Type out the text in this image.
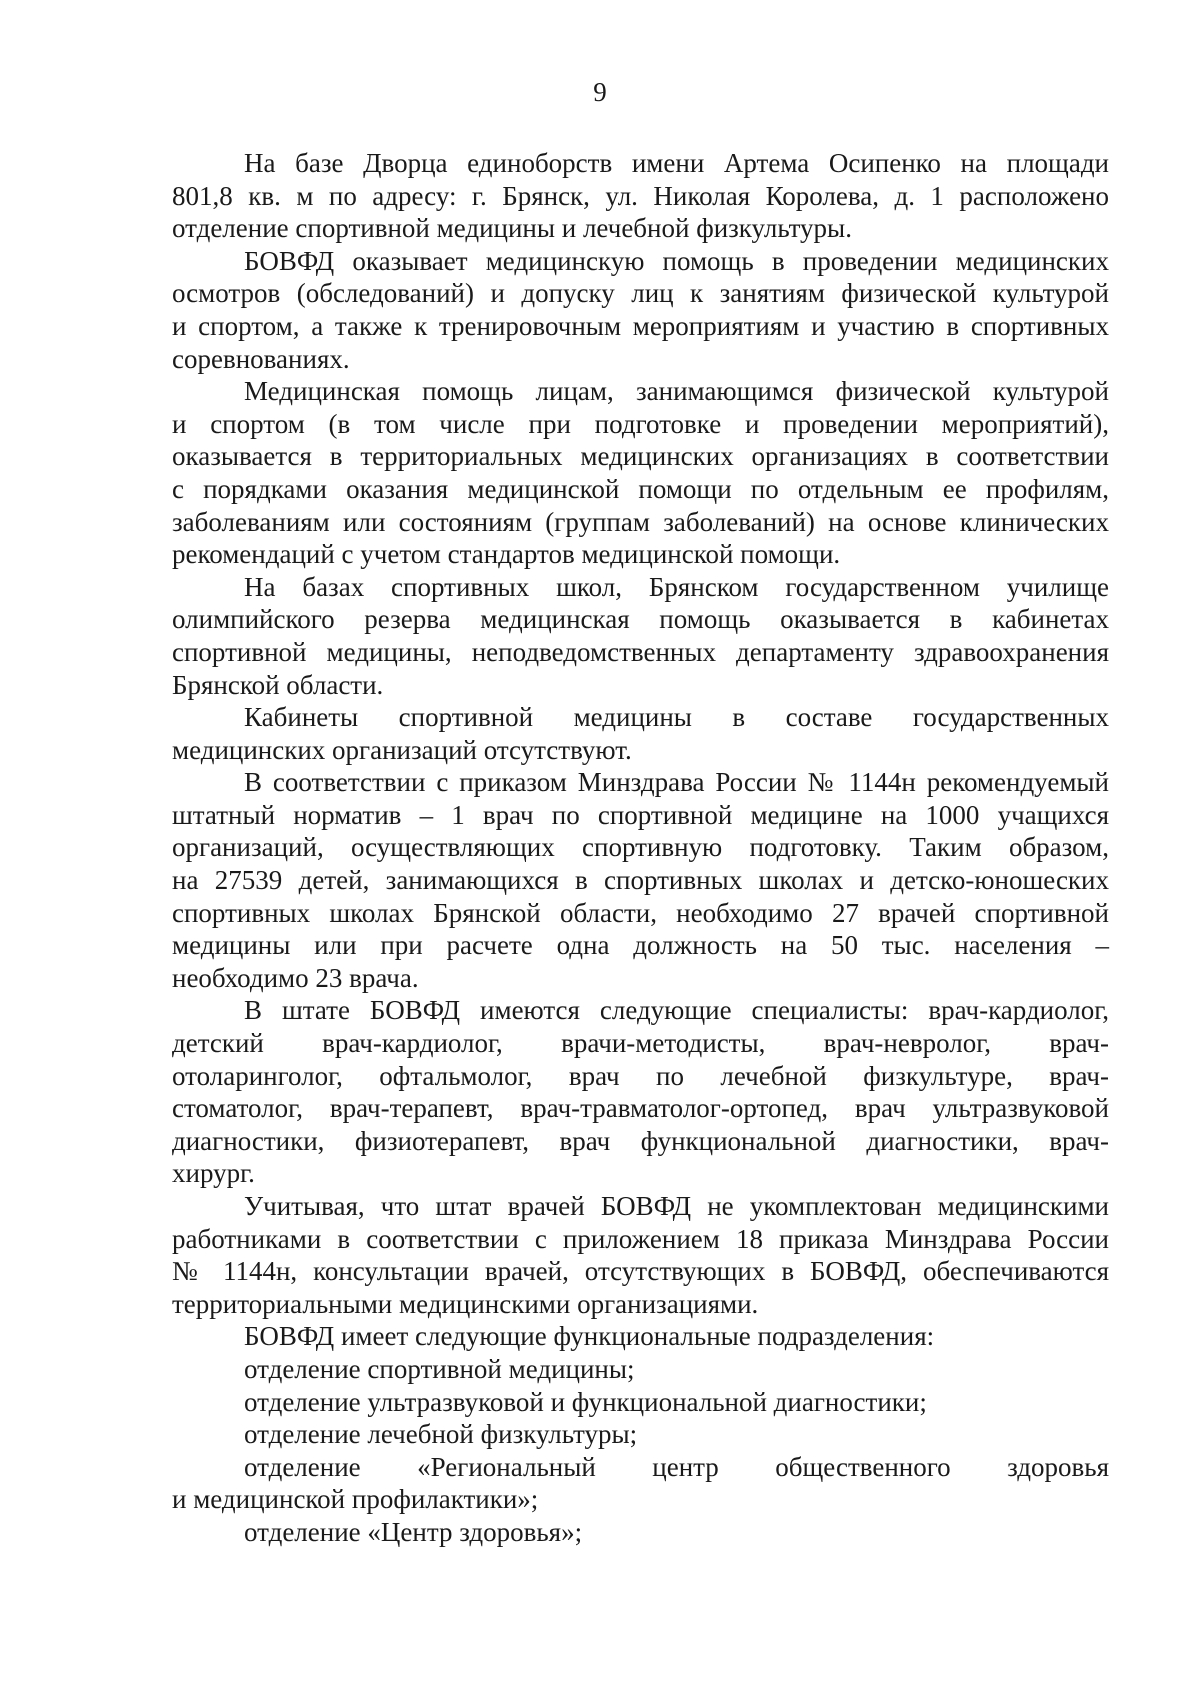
9
На базе Дворца единоборств имени Артема Осипенко на площади
801,8 кв. м по адресу: г. Брянск, ул. Николая Королева, д. 1 расположено
отделение спортивной медицины и лечебной физкультуры.
БОВФД оказывает медицинскую помощь в проведении медицинских
осмотров (обследований) и допуску лиц к занятиям физической культурой
и спортом, а также к тренировочным мероприятиям и участию в спортивных
соревнованиях.
Медицинская помощь лицам, занимающимся физической культурой
и спортом (в том числе при подготовке и проведении мероприятий),
оказывается в территориальных медицинских организациях в соответствии
с порядками оказания медицинской помощи по отдельным ее профилям,
заболеваниям или состояниям (группам заболеваний) на основе клинических
рекомендаций с учетом стандартов медицинской помощи.
На базах спортивных школ, Брянском государственном училище
олимпийского резерва медицинская помощь оказывается в кабинетах
спортивной медицины, неподведомственных департаменту здравоохранения
Брянской области.
Кабинеты спортивной медицины в составе государственных
медицинских организаций отсутствуют.
В соответствии с приказом Минздрава России № 1144н рекомендуемый
штатный норматив – 1 врач по спортивной медицине на 1000 учащихся
организаций, осуществляющих спортивную подготовку. Таким образом,
на 27539 детей, занимающихся в спортивных школах и детско-юношеских
спортивных школах Брянской области, необходимо 27 врачей спортивной
медицины или при расчете одна должность на 50 тыс. населения –
необходимо 23 врача.
В штате БОВФД имеются следующие специалисты: врач-кардиолог,
детский врач-кардиолог, врачи-методисты, врач-невролог, врач-
отоларинголог, офтальмолог, врач по лечебной физкультуре, врач-
стоматолог, врач-терапевт, врач-травматолог-ортопед, врач ультразвуковой
диагностики, физиотерапевт, врач функциональной диагностики, врач-
хирург.
Учитывая, что штат врачей БОВФД не укомплектован медицинскими
работниками в соответствии с приложением 18 приказа Минздрава России
№ 1144н, консультации врачей, отсутствующих в БОВФД, обеспечиваются
территориальными медицинскими организациями.
БОВФД имеет следующие функциональные подразделения:
отделение спортивной медицины;
отделение ультразвуковой и функциональной диагностики;
отделение лечебной физкультуры;
отделение «Региональный центр общественного здоровья
и медицинской профилактики»;
отделение «Центр здоровья»;
